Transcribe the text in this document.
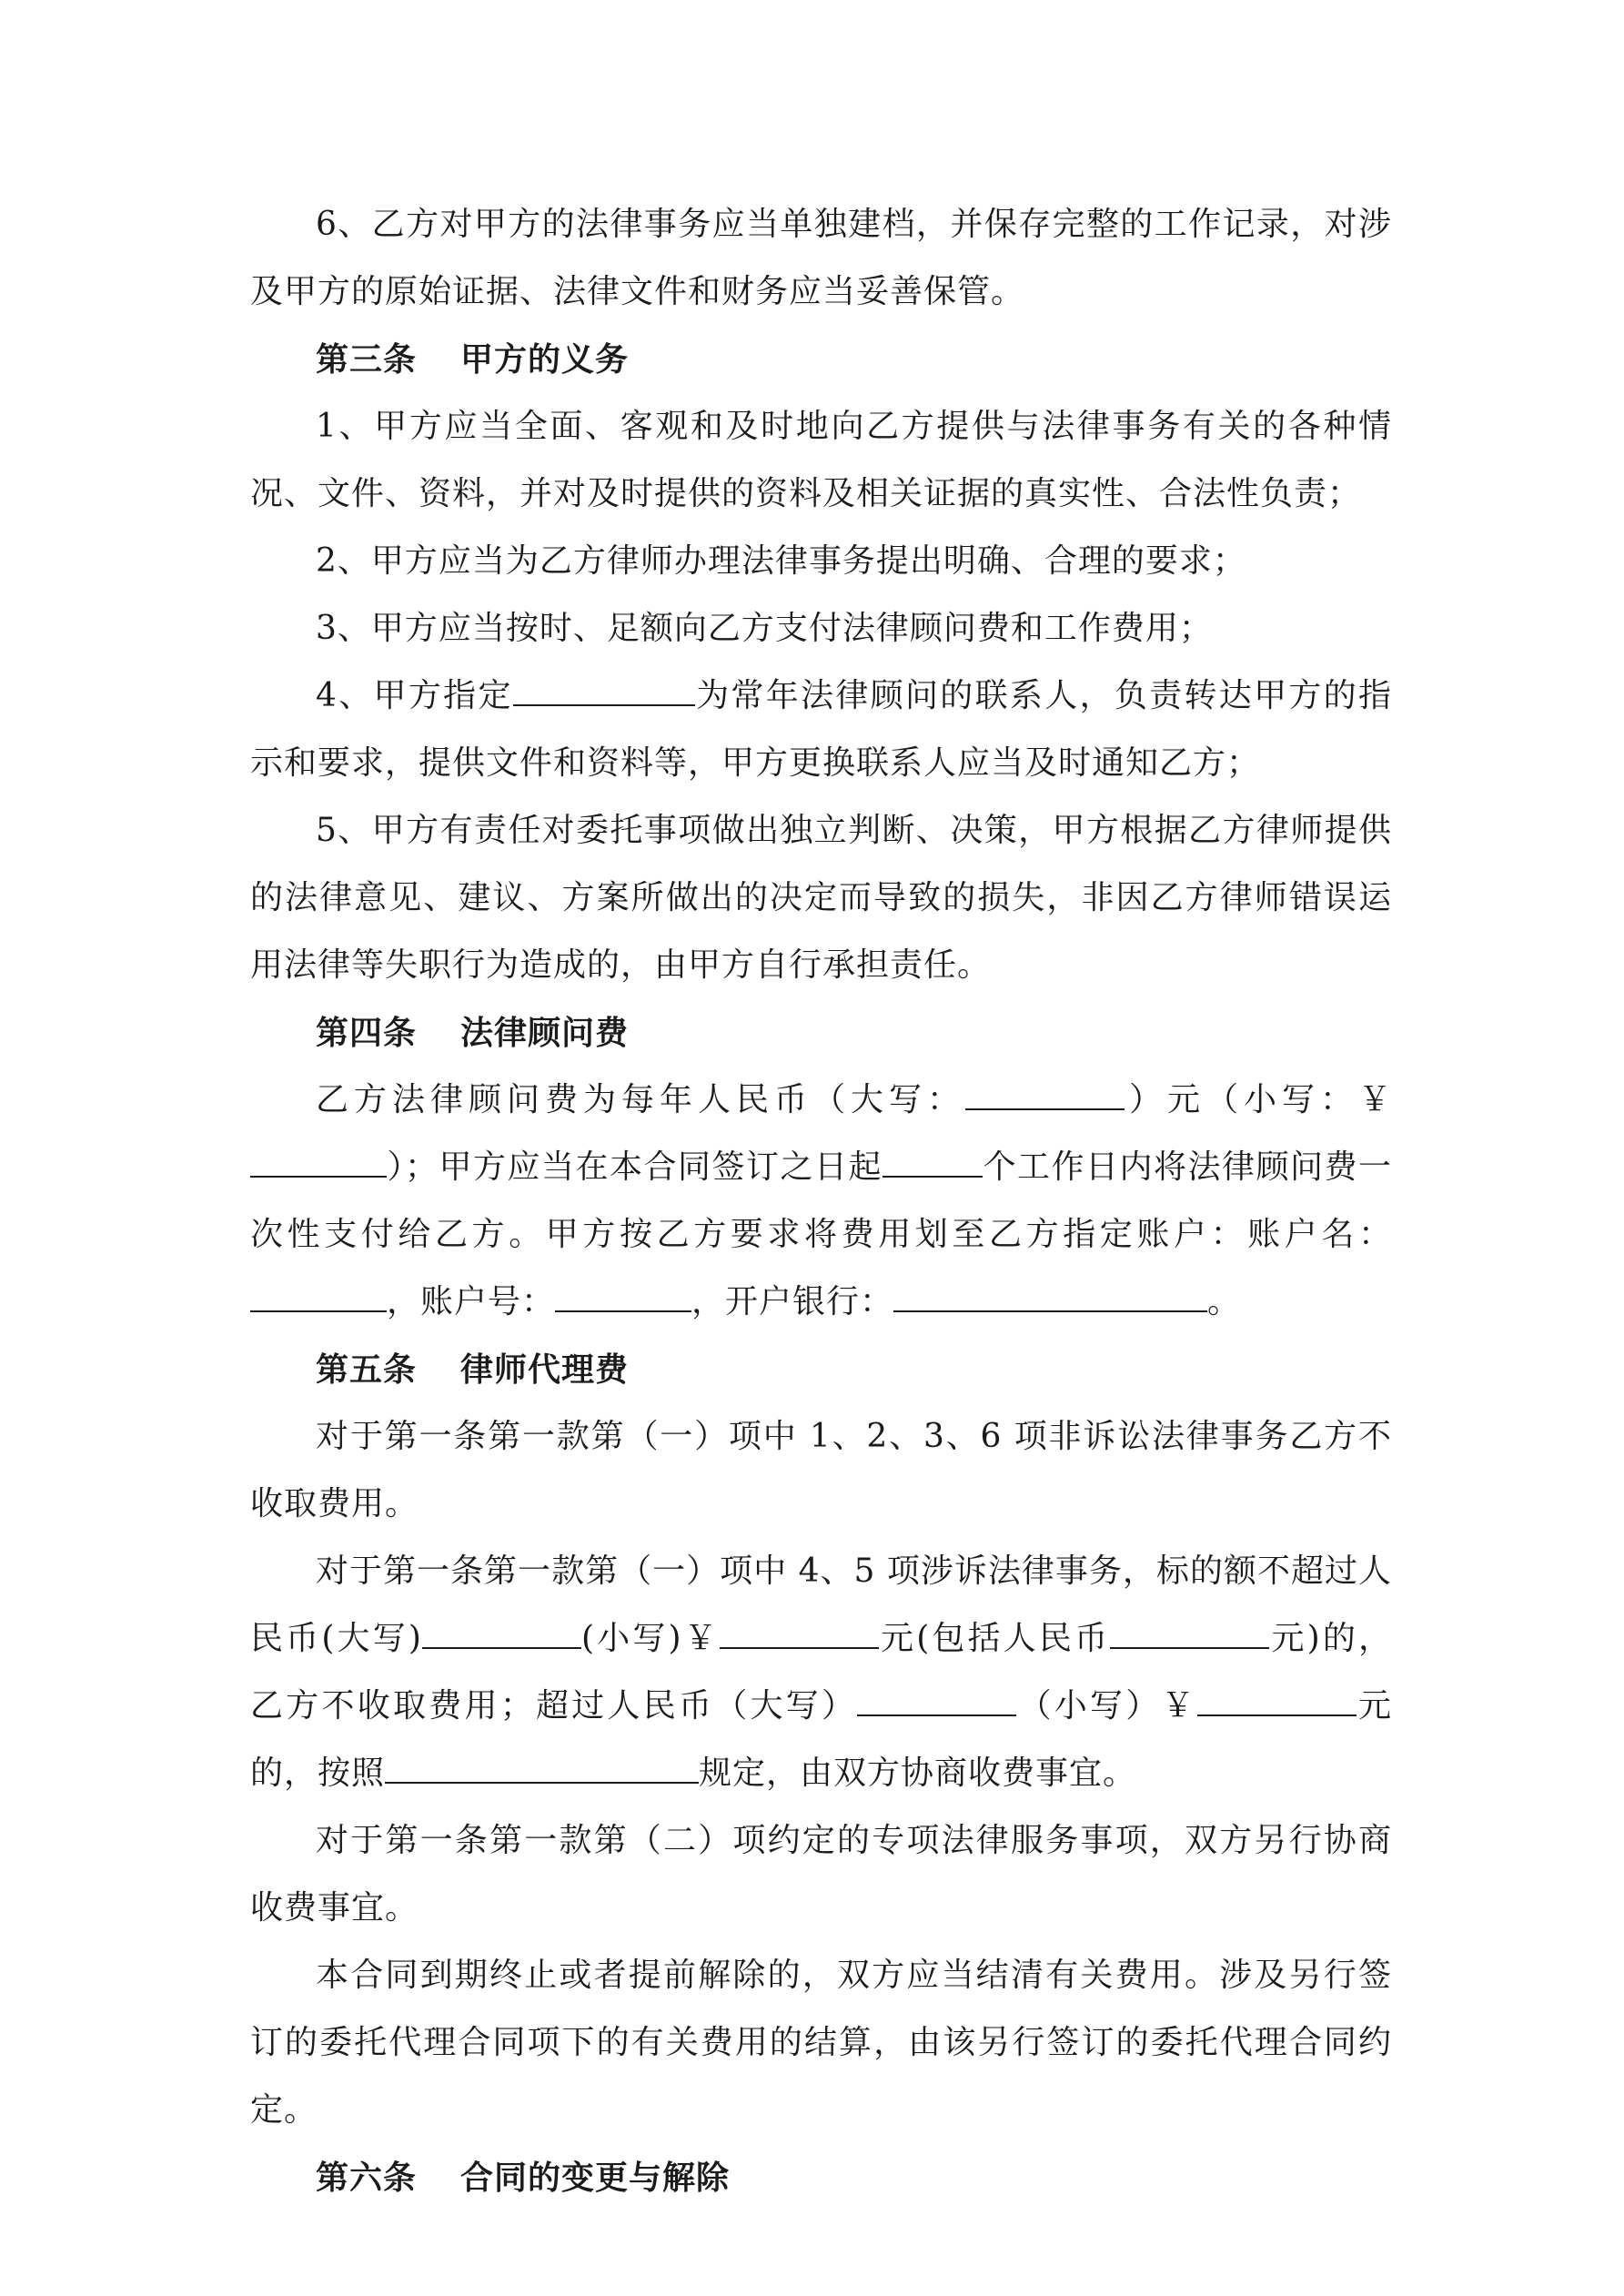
6、乙方对甲方的法律事务应当单独建档，并保存完整的工作记录，对涉及甲方的原始证据、法律文件和财务应当妥善保管。

第三条 甲方的义务

1、甲方应当全面、客观和及时地向乙方提供与法律事务有关的各种情况、文件、资料，并对及时提供的资料及相关证据的真实性、合法性负责；

2、甲方应当为乙方律师办理法律事务提出明确、合理的要求；

3、甲方应当按时、足额向乙方支付法律顾问费和工作费用；

4、甲方指定	为常年法律顾问的联系人，负责转达甲方的指示和要求，提供文件和资料等，甲方更换联系人应当及时通知乙方；

5、甲方有责任对委托事项做出独立判断、决策，甲方根据乙方律师提供的法律意见、建议、方案所做出的决定而导致的损失，非因乙方律师错误运用法律等失职行为造成的，由甲方自行承担责任。

第四条 法律顾问费

乙方法律顾问费为每年人民币（大写：	）元（小写：￥）；甲方应当在本合同签订之日起	个工作日内将法律顾问费一次性支付给乙方。甲方按乙方要求将费用划至乙方指定账户：账户名：，账户号：	，开户银行：	。

第五条 律师代理费

对于第一条第一款第（一）项中 1、2、3、6 项非诉讼法律事务乙方不收取费用。

对于第一条第一款第（一）项中 4、5 项涉诉法律事务，标的额不超过人民币(大写)	(小写)￥	元(包括人民币	元)的， 乙方不收取费用；超过人民币（大写）	（小写）￥	元的，按照	规定，由双方协商收费事宜。

对于第一条第一款第（二）项约定的专项法律服务事项，双方另行协商收费事宜。

本合同到期终止或者提前解除的，双方应当结清有关费用。涉及另行签订的委托代理合同项下的有关费用的结算，由该另行签订的委托代理合同约定。

第六条 合同的变更与解除
